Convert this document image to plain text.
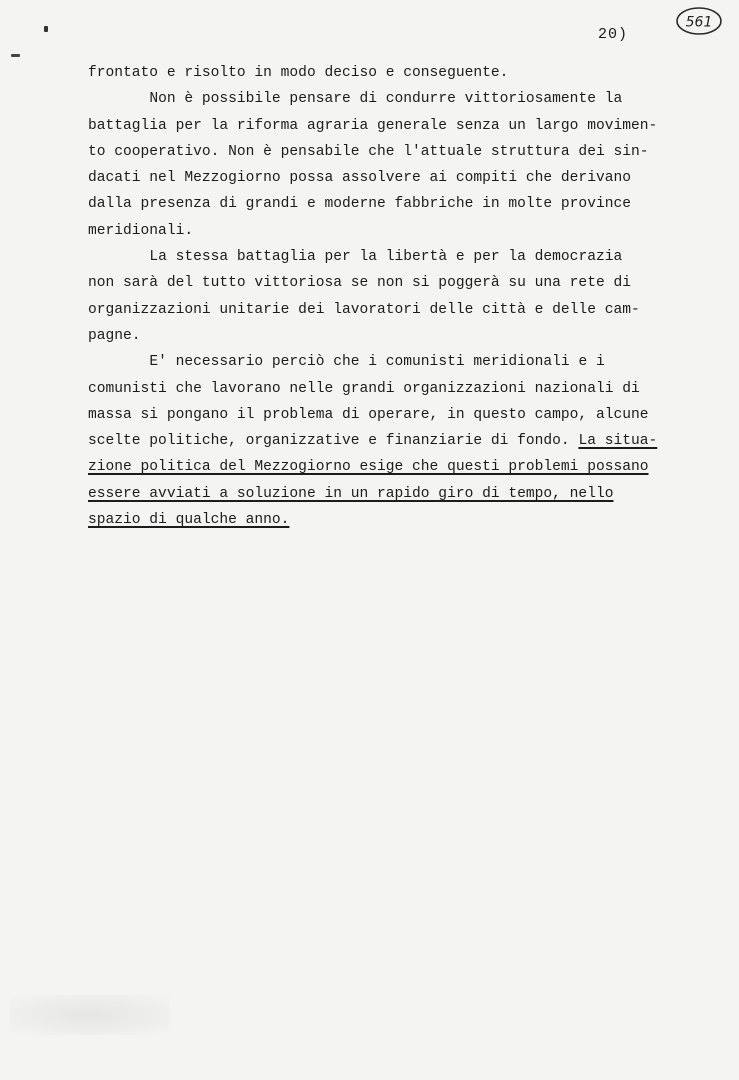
20)
561
frontato e risolto in modo deciso e conseguente.
Non è possibile pensare di condurre vittoriosamente la
battaglia per la riforma agraria generale senza un largo movimen-
to cooperativo. Non è pensabile che l'attuale struttura dei sin-
dacati nel Mezzogiorno possa assolvere ai compiti che derivano
dalla presenza di grandi e moderne fabbriche in molte province
meridionali.
La stessa battaglia per la libertà e per la democrazia
non sarà del tutto vittoriosa se non si poggerà su una rete di
organizzazioni unitarie dei lavoratori delle città e delle cam-
pagne.
E' necessario perciò che i comunisti meridionali e i
comunisti che lavorano nelle grandi organizzazioni nazionali di
massa si pongano il problema di operare, in questo campo, alcune
scelte politiche, organizzative e finanziarie di fondo. La situa-
zione politica del Mezzogiorno esige che questi problemi possano
essere avviati a soluzione in un rapido giro di tempo, nello
spazio di qualche anno.
